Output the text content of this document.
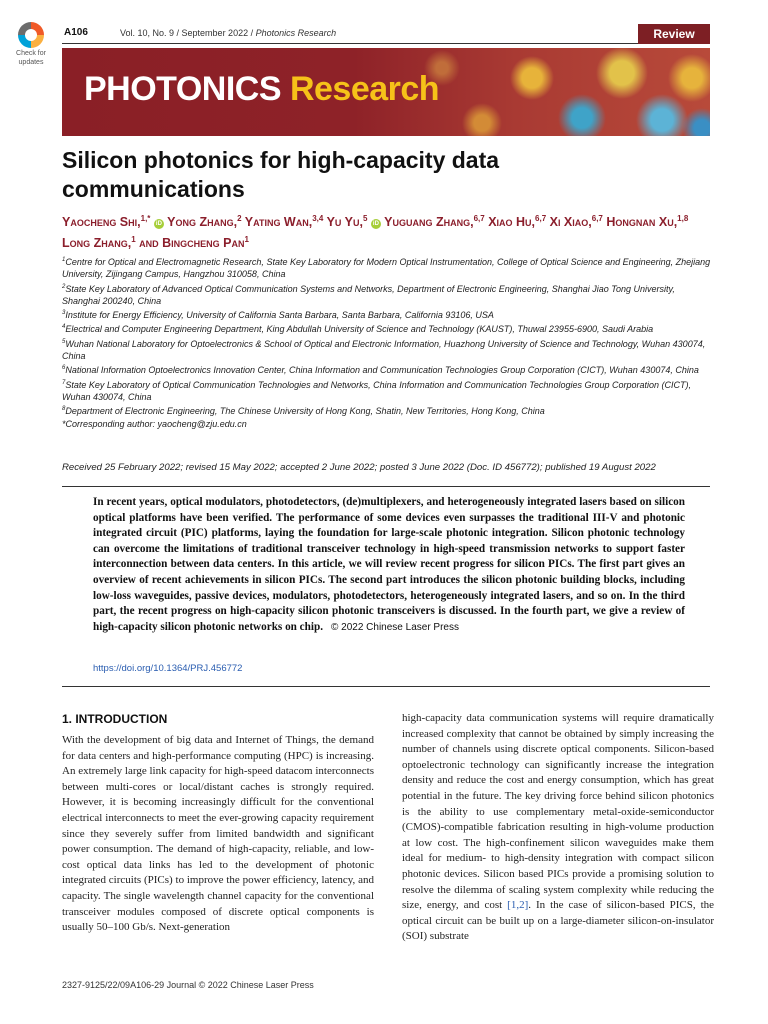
Check for
updates
A106	Vol. 10, No. 9 / September 2022 / Photonics Research	Review
PHOTONICS Research
Silicon photonics for high-capacity data communications
Yaocheng Shi,$^{1,*}$ iD Yong Zhang,$^2$ Yating Wan,$^{3,4}$ Yu Yu,$^5$ iD Yuguang Zhang,$^{6,7}$ Xiao Hu,$^{6,7}$ Xi Xiao,$^{6,7}$ Hongnan Xu,$^{1,8}$ Long Zhang,$^1$ and Bingcheng Pan$^1$
$^1$Centre for Optical and Electromagnetic Research, State Key Laboratory for Modern Optical Instrumentation, College of Optical Science and Engineering, Zhejiang University, Zijingang Campus, Hangzhou 310058, China
$^2$State Key Laboratory of Advanced Optical Communication Systems and Networks, Department of Electronic Engineering, Shanghai Jiao Tong University, Shanghai 200240, China
$^3$Institute for Energy Efficiency, University of California Santa Barbara, Santa Barbara, California 93106, USA
$^4$Electrical and Computer Engineering Department, King Abdullah University of Science and Technology (KAUST), Thuwal 23955-6900, Saudi Arabia
$^5$Wuhan National Laboratory for Optoelectronics & School of Optical and Electronic Information, Huazhong University of Science and Technology, Wuhan 430074, China
$^6$National Information Optoelectronics Innovation Center, China Information and Communication Technologies Group Corporation (CICT), Wuhan 430074, China
$^7$State Key Laboratory of Optical Communication Technologies and Networks, China Information and Communication Technologies Group Corporation (CICT), Wuhan 430074, China
$^8$Department of Electronic Engineering, The Chinese University of Hong Kong, Shatin, New Territories, Hong Kong, China
*Corresponding author: yaocheng@zju.edu.cn
Received 25 February 2022; revised 15 May 2022; accepted 2 June 2022; posted 3 June 2022 (Doc. ID 456772); published 19 August 2022
In recent years, optical modulators, photodetectors, (de)multiplexers, and heterogeneously integrated lasers based on silicon optical platforms have been verified. The performance of some devices even surpasses the traditional III-V and photonic integrated circuit (PIC) platforms, laying the foundation for large-scale photonic integration. Silicon photonic technology can overcome the limitations of traditional transceiver technology in high-speed transmission networks to support faster interconnection between data centers. In this article, we will review recent progress for silicon PICs. The first part gives an overview of recent achievements in silicon PICs. The second part introduces the silicon photonic building blocks, including low-loss waveguides, passive devices, modulators, photodetectors, heterogeneously integrated lasers, and so on. In the third part, the recent progress on high-capacity silicon photonic transceivers is discussed. In the fourth part, we give a review of high-capacity silicon photonic networks on chip. © 2022 Chinese Laser Press
https://doi.org/10.1364/PRJ.456772
1. INTRODUCTION
With the development of big data and Internet of Things, the demand for data centers and high-performance computing (HPC) is increasing. An extremely large link capacity for high-speed datacom interconnects between multi-cores or local/distant caches is strongly required. However, it is becoming increasingly difficult for the conventional electrical interconnects to meet the ever-growing capacity requirement since they severely suffer from limited bandwidth and significant power consumption. The demand of high-capacity, reliable, and low-cost optical data links has led to the development of photonic integrated circuits (PICs) to improve the power efficiency, latency, and capacity. The single wavelength channel capacity for the conventional transceiver modules composed of discrete optical components is usually 50–100 Gb/s. Next-generation
high-capacity data communication systems will require dramatically increased complexity that cannot be obtained by simply increasing the number of channels using discrete optical components. Silicon-based optoelectronic technology can significantly increase the integration density and reduce the cost and energy consumption, which has great potential in the future. The key driving force behind silicon photonics is the ability to use complementary metal-oxide-semiconductor (CMOS)-compatible fabrication resulting in high-volume production at low cost. The high-confinement silicon waveguides make them ideal for medium- to high-density integration with compact silicon photonic devices. Silicon based PICs provide a promising solution to resolve the dilemma of scaling system complexity while reducing the size, energy, and cost [1,2]. In the case of silicon-based PICS, the optical circuit can be built up on a large-diameter silicon-on-insulator (SOI) substrate
2327-9125/22/09A106-29 Journal © 2022 Chinese Laser Press
